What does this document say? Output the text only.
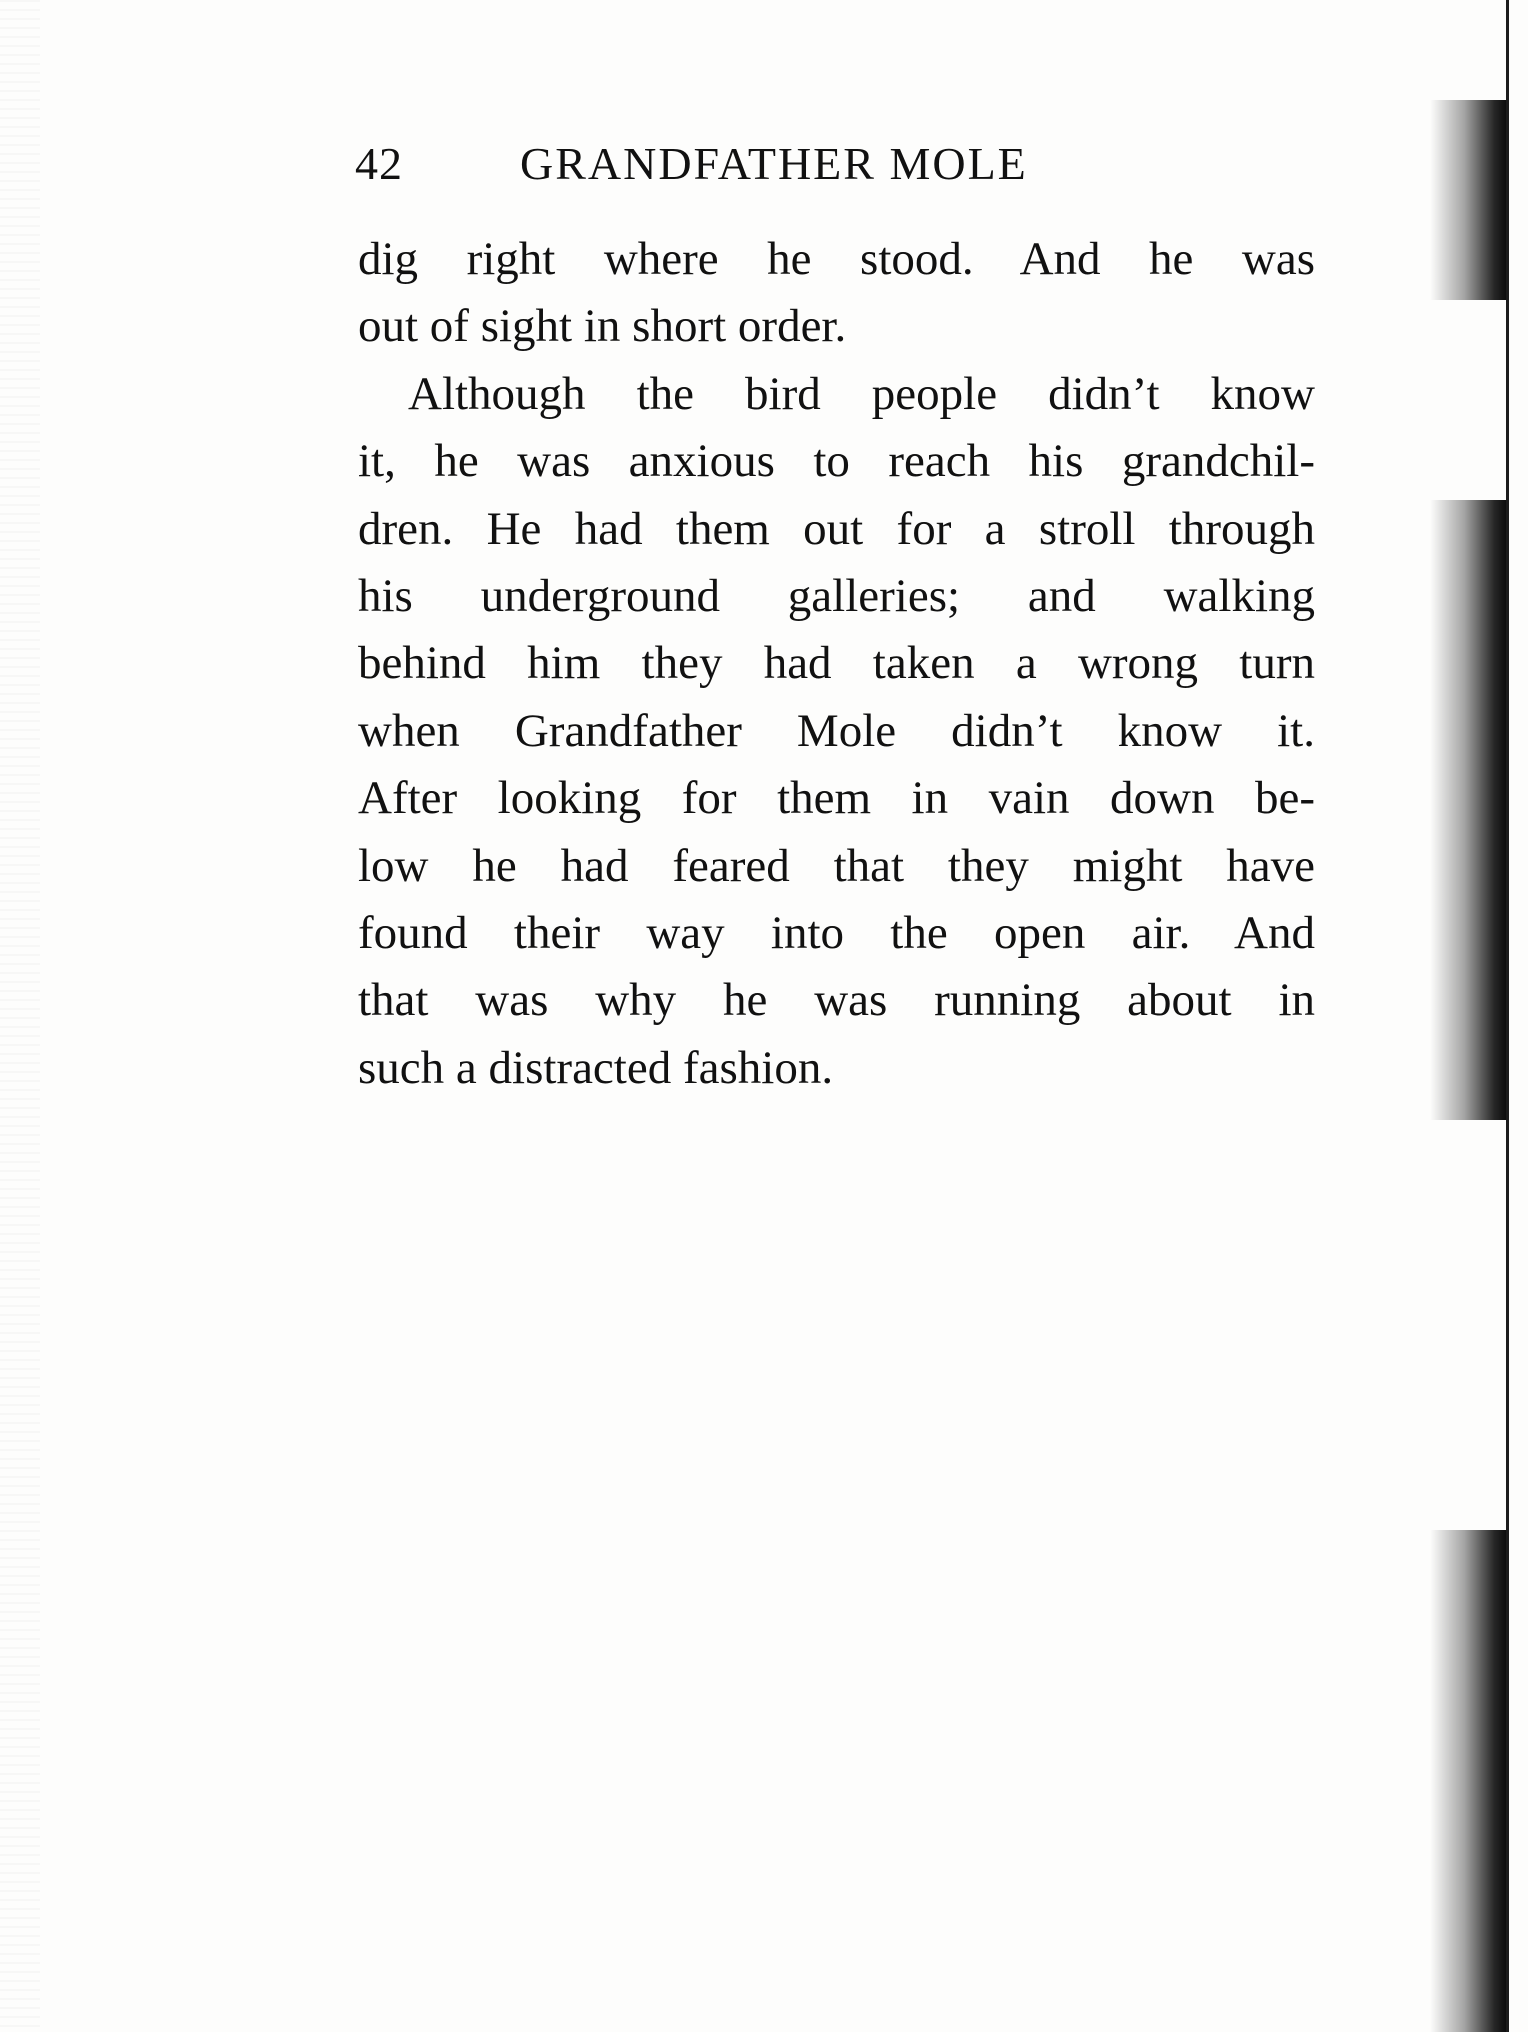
42	GRANDFATHER MOLE
dig right where he stood. And he was
out of sight in short order.
Although the bird people didn’t know
it, he was anxious to reach his grandchil-
dren. He had them out for a stroll through
his underground galleries; and walking
behind him they had taken a wrong turn
when Grandfather Mole didn’t know it.
After looking for them in vain down be-
low he had feared that they might have
found their way into the open air. And
that was why he was running about in
such a distracted fashion.
